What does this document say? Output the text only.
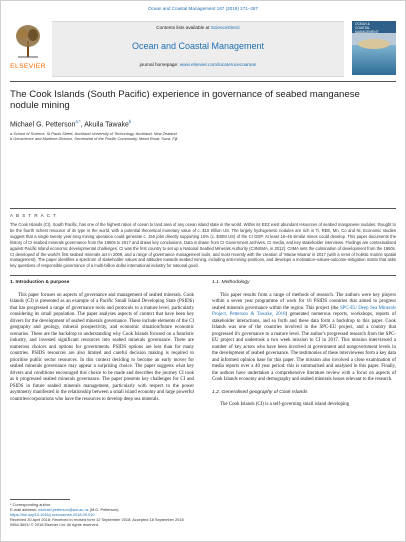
Ocean and Coastal Management 167 (2019) 271–287
ELSEVIER
Contents lists available at ScienceDirect
Ocean and Coastal Management
journal homepage: www.elsevier.com/locate/ocecoaman
OCEAN &
COASTAL
MANAGEMENT
The Cook Islands (South Pacific) experience in governance of seabed manganese nodule mining
Michael G. Petterson$^{a,*}$, Akuila Tawake$^b$
a School of Science, St Pauls Street, Auckland University of Technology, Auckland, New Zealand
b Geoscience and Maritime Division, Secretariat of the Pacific Community, Mead Road, Suva, Fiji
A B S T R A C T
The Cook Islands (CI), South Pacific, has one of the highest ratios of ocean to land area of any ocean island state in the world. Within its EEZ exist abundant resources of seabed manganese nodules, thought to be the fourth richest resource of its type in the world, with a potential theoretical monetary value of c. $10 trillion US. The largely hydrogenetic nodules are rich in Ti, REE, Mn, Co and Ni. Economic studies suggest that a single twenty year-long mining operation could generate c. 150 jobs directly supporting 15% (c. $40M US) of the CI GDP. At least 18–46 similar mines could develop. This paper documents the history of CI seabed minerals governance from the 1960s to 2017 and draws key conclusions. Data is drawn from CI Government archives, CI media, and key stakeholder interviews. Findings are contextualised against Pacific Island economic developmental challenges. CI was the first country to set up a National Seabed Minerals Authority (CIINSMA, in 2012). CIIMA sets the culmination of development from the 1960s. CI developed of the world's first seabed minerals act in 2009, and a range of governance management tools, and most recently with the creation of 'Marae Moana' in 2017 (with a remit of holistic marine spatial management). The paper identifies a spectrum of stakeholder values and attitudes towards seabed mining, including anti-mining positions, and develops a motivation–values-outcome-mitigation matrix that asks key questions of responsible governance of a multi-billion dollar international industry for national good.
1. Introduction & purpose

This paper focuses on aspects of governance and management of seabed minerals. Cook Islands (CI) is presented as an example of a Pacific Small Island Developing State (PSIDS) that has progressed a range of governance tools and protocols to a mature level, particularly considering its small population. The paper analyses aspects of context that have been key drivers for the development of seabed minerals governance. These include elements of the CI geography and geology, mineral prospectivity, and economic situation/future economic scenarios. These are the backdrop to understanding why Cook Islands focused on a futuristic industry, and invested significant resources into seabed minerals governance. There are numerous choices and options for governments. PSIDS options are less than for many countries. PSIDS resources are also limited and careful decision making is required to prioritise public sector resources. In this context deciding to become an early mover for seabed minerals governance may appear a surprising choice. The paper suggests what key drivers and conditions encouraged this choice to be made and describes the journey CI took as it progressed seabed minerals governance. The paper presents key challenges for CI and PSIDS in future seabed minerals management, particularly with respect to the power asymmetry manifested in the relationship between a small island economy and large powerful countries/corporations who have the resources to develop deep sea minerals.

1.1. Methodology

This paper results from a range of methods of research. The authors were key players within a seven year programme of work for 16 PSIDS countries that aimed to progress seabed minerals governance within the region. This project (the SPC-EU Deep Sea Minerals Project, Petterson & Tawake, 2018) generated numerous reports, workshops, reports of stakeholder interactions, and so forth and these data form a backdrop to this paper. Cook Islands was one of the countries involved in the SPC-EU project, and a country that progressed it's governance to a mature level. The author's progressed research from the SPC-EU project and undertook a two week mission to CI in 2017. This mission interviewed a number of key actors who have been involved at government and nongovernment levels in the development of seabed governance. The testimonies of these interviewees form a key data and informed opinion base for this paper. The mission also involved a close examination of media reports over a 40 year period: this is summarised and analysed in this paper. Finally, the authors have undertaken a comprehensive literature review with a focus on aspects of Cook Islands economy and demography and seabed minerals issues relevant to the research.

1.2. Generalised geography of Cook Islands

The Cook Islands (CI) is a self-governing small island developing

* Corresponding author.
E-mail address: michael.petterson@aut.ac.nz (M.G. Petterson).
https://doi.org/10.1016/j.ocecoaman.2018.09.010
Received 30 April 2018; Received in revised form 12 September 2018; Accepted 18 September 2018
0964-5691/ © 2018 Elsevier Ltd. All rights reserved.
